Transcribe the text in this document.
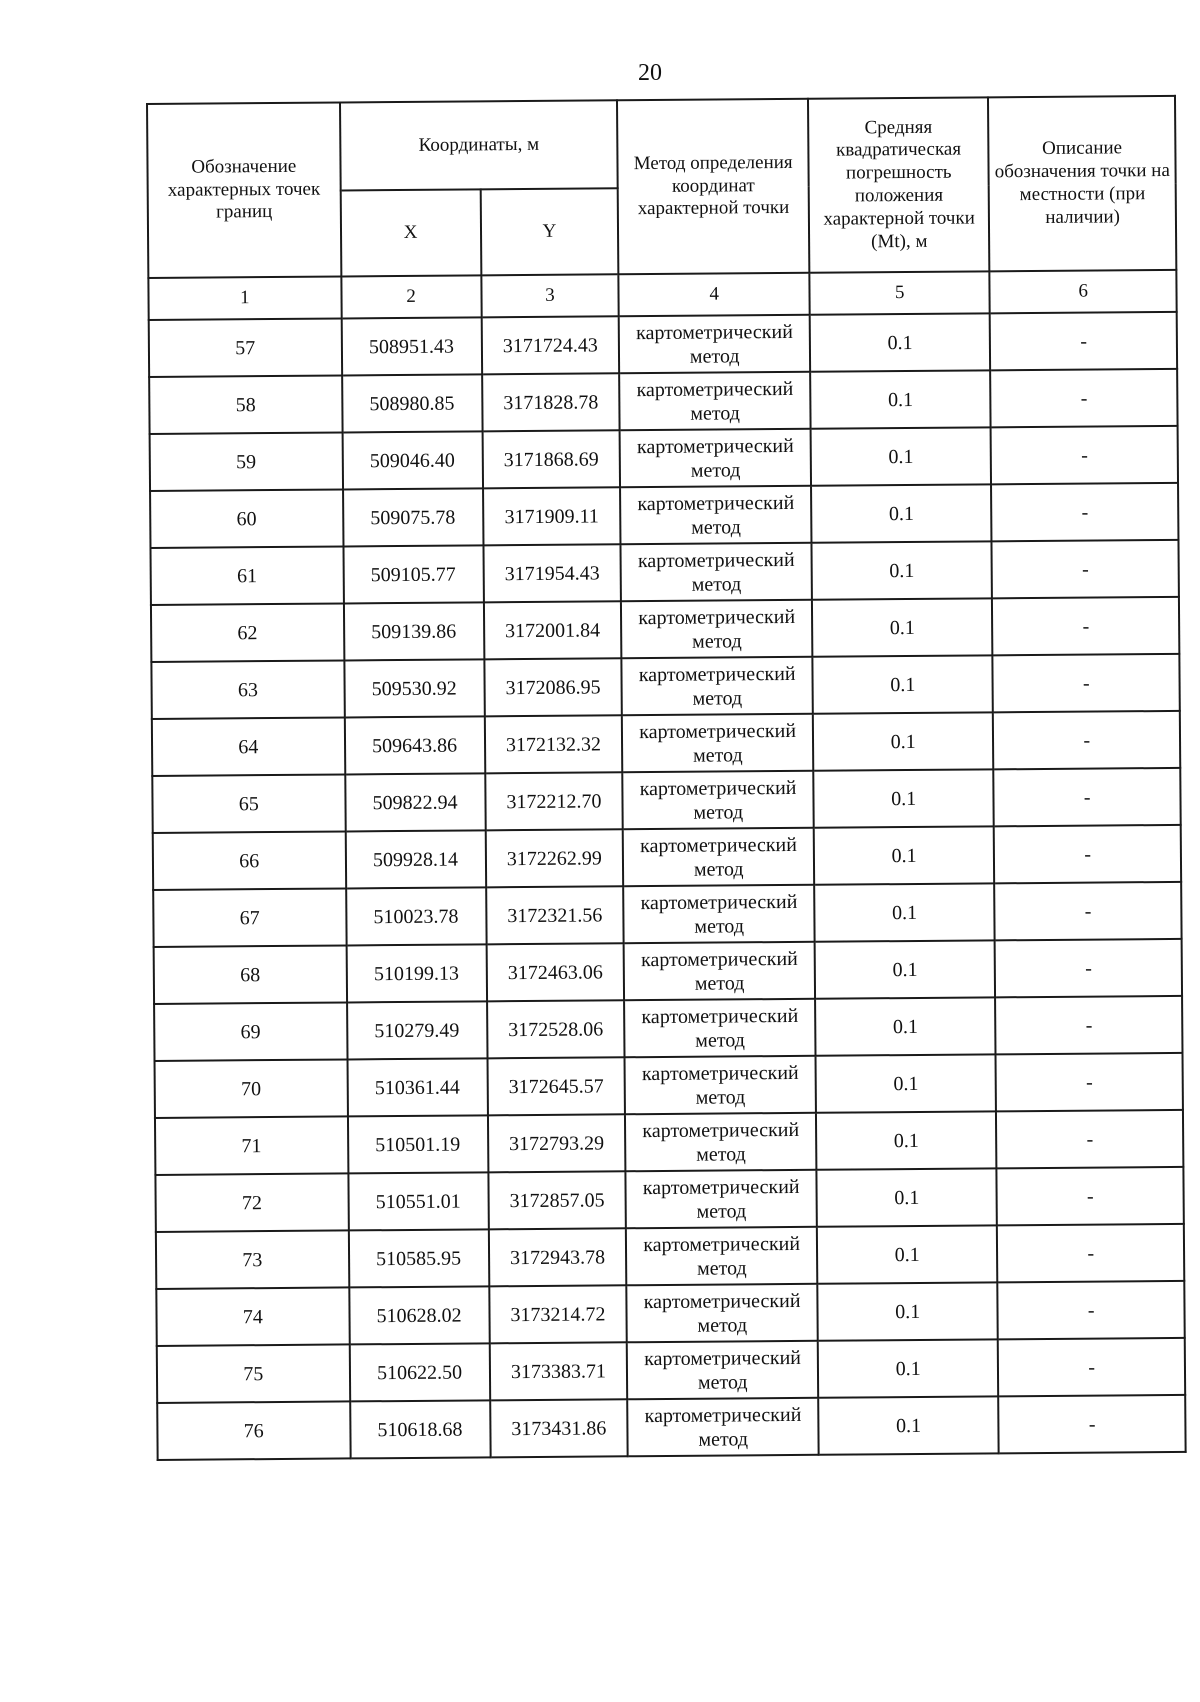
20
Обозначение характерных точек границ	Координаты, м		Метод определения координат характерной точки	Средняя квадратическая погрешность положения характерной точки (Mt), м	Описание обозначения точки на местности (при наличии)
	X	Y			
1	2	3	4	5	6
57	508951.43	3171724.43	картометрический метод	0.1	-
58	508980.85	3171828.78	картометрический метод	0.1	-
59	509046.40	3171868.69	картометрический метод	0.1	-
60	509075.78	3171909.11	картометрический метод	0.1	-
61	509105.77	3171954.43	картометрический метод	0.1	-
62	509139.86	3172001.84	картометрический метод	0.1	-
63	509530.92	3172086.95	картометрический метод	0.1	-
64	509643.86	3172132.32	картометрический метод	0.1	-
65	509822.94	3172212.70	картометрический метод	0.1	-
66	509928.14	3172262.99	картометрический метод	0.1	-
67	510023.78	3172321.56	картометрический метод	0.1	-
68	510199.13	3172463.06	картометрический метод	0.1	-
69	510279.49	3172528.06	картометрический метод	0.1	-
70	510361.44	3172645.57	картометрический метод	0.1	-
71	510501.19	3172793.29	картометрический метод	0.1	-
72	510551.01	3172857.05	картометрический метод	0.1	-
73	510585.95	3172943.78	картометрический метод	0.1	-
74	510628.02	3173214.72	картометрический метод	0.1	-
75	510622.50	3173383.71	картометрический метод	0.1	-
76	510618.68	3173431.86	картометрический метод	0.1	-
